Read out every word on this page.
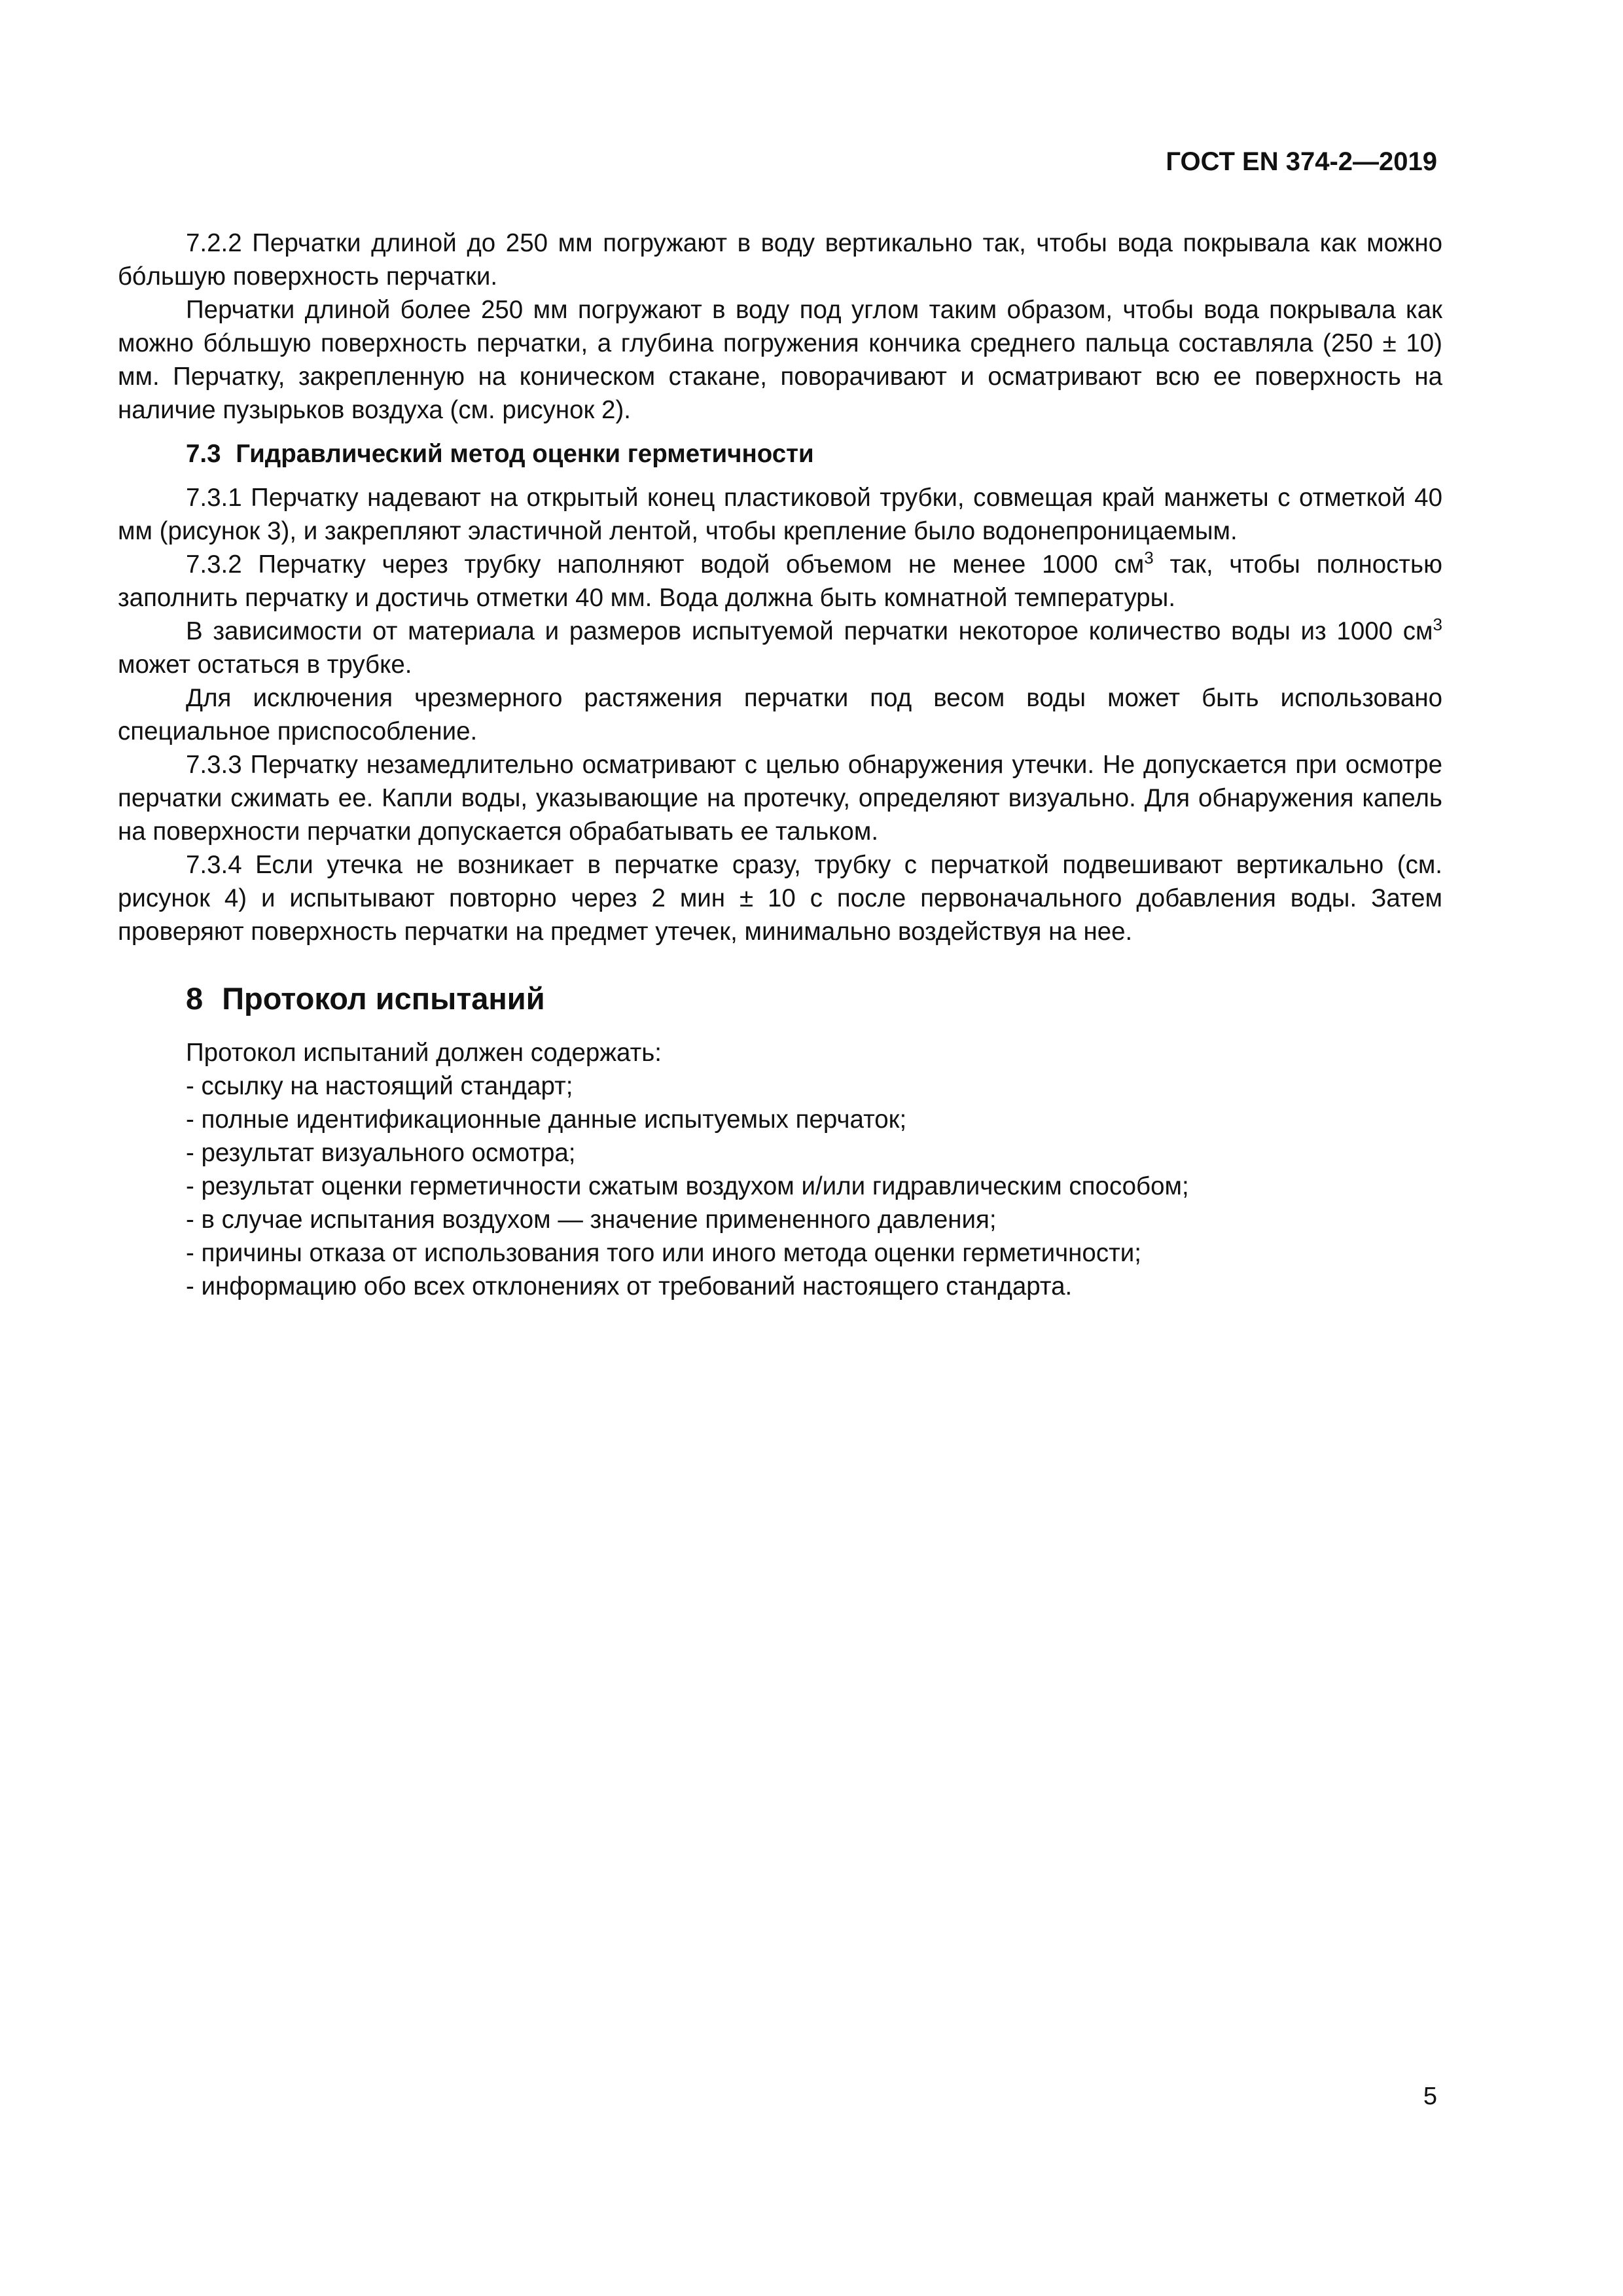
ГОСТ EN 374-2—2019

7.2.2 Перчатки длиной до 250 мм погружают в воду вертикально так, чтобы вода покрывала как можно бóльшую поверхность перчатки.

Перчатки длиной более 250 мм погружают в воду под углом таким образом, чтобы вода покрывала как можно бóльшую поверхность перчатки, а глубина погружения кончика среднего пальца составляла (250 ± 10) мм. Перчатку, закрепленную на коническом стакане, поворачивают и осматривают всю ее поверхность на наличие пузырьков воздуха (см. рисунок 2).

7.3 Гидравлический метод оценки герметичности

7.3.1 Перчатку надевают на открытый конец пластиковой трубки, совмещая край манжеты с отметкой 40 мм (рисунок 3), и закрепляют эластичной лентой, чтобы крепление было водонепроницаемым.

7.3.2 Перчатку через трубку наполняют водой объемом не менее 1000 $см^3$ так, чтобы полностью заполнить перчатку и достичь отметки 40 мм. Вода должна быть комнатной температуры.

В зависимости от материала и размеров испытуемой перчатки некоторое количество воды из 1000 $см^3$ может остаться в трубке.

Для исключения чрезмерного растяжения перчатки под весом воды может быть использовано специальное приспособление.

7.3.3 Перчатку незамедлительно осматривают с целью обнаружения утечки. Не допускается при осмотре перчатки сжимать ее. Капли воды, указывающие на протечку, определяют визуально. Для обнаружения капель на поверхности перчатки допускается обрабатывать ее тальком.

7.3.4 Если утечка не возникает в перчатке сразу, трубку с перчаткой подвешивают вертикально (см. рисунок 4) и испытывают повторно через 2 мин ± 10 с после первоначального добавления воды. Затем проверяют поверхность перчатки на предмет утечек, минимально воздействуя на нее.

8 Протокол испытаний

Протокол испытаний должен содержать:

- ссылку на настоящий стандарт;
- полные идентификационные данные испытуемых перчаток;
- результат визуального осмотра;
- результат оценки герметичности сжатым воздухом и/или гидравлическим способом;
- в случае испытания воздухом — значение примененного давления;
- причины отказа от использования того или иного метода оценки герметичности;
- информацию обо всех отклонениях от требований настоящего стандарта.
5
